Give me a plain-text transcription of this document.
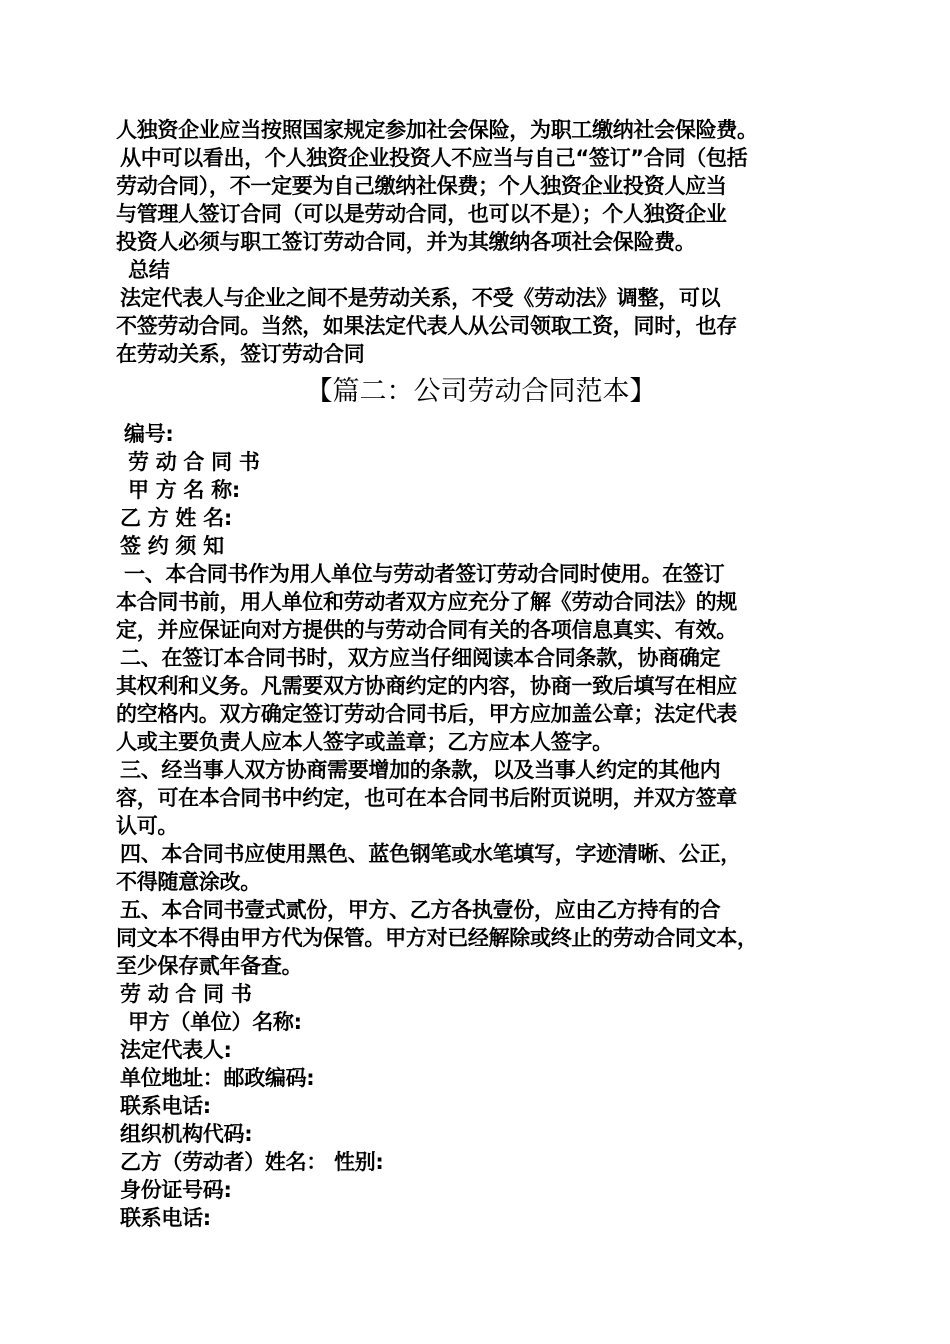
人独资企业应当按照国家规定参加社会保险，为职工缴纳社会保险费。
从中可以看出，个人独资企业投资人不应当与自己“签订”合同（包括
劳动合同），不一定要为自己缴纳社保费；个人独资企业投资人应当
与管理人签订合同（可以是劳动合同，也可以不是）；个人独资企业
投资人必须与职工签订劳动合同，并为其缴纳各项社会保险费。
总结
法定代表人与企业之间不是劳动关系，不受《劳动法》调整，可以
不签劳动合同。当然，如果法定代表人从公司领取工资，同时，也存
在劳动关系，签订劳动合同
【篇二：公司劳动合同范本】
编号:
劳 动 合 同 书
甲 方 名 称:
乙 方 姓 名:
签 约 须 知
一、本合同书作为用人单位与劳动者签订劳动合同时使用。在签订
本合同书前，用人单位和劳动者双方应充分了解《劳动合同法》的规
定，并应保证向对方提供的与劳动合同有关的各项信息真实、有效。
二、在签订本合同书时，双方应当仔细阅读本合同条款，协商确定
其权利和义务。凡需要双方协商约定的内容，协商一致后填写在相应
的空格内。双方确定签订劳动合同书后，甲方应加盖公章；法定代表
人或主要负责人应本人签字或盖章；乙方应本人签字。
三、经当事人双方协商需要增加的条款，以及当事人约定的其他内
容，可在本合同书中约定，也可在本合同书后附页说明，并双方签章
认可。
四、本合同书应使用黑色、蓝色钢笔或水笔填写，字迹清晰、公正，
不得随意涂改。
五、本合同书壹式贰份，甲方、乙方各执壹份，应由乙方持有的合
同文本不得由甲方代为保管。甲方对已经解除或终止的劳动合同文本，
至少保存贰年备查。
劳 动 合 同 书
甲方（单位）名称:
法定代表人:
单位地址：邮政编码:
联系电话:
组织机构代码:
乙方（劳动者）姓名： 性别:
身份证号码:
联系电话:
